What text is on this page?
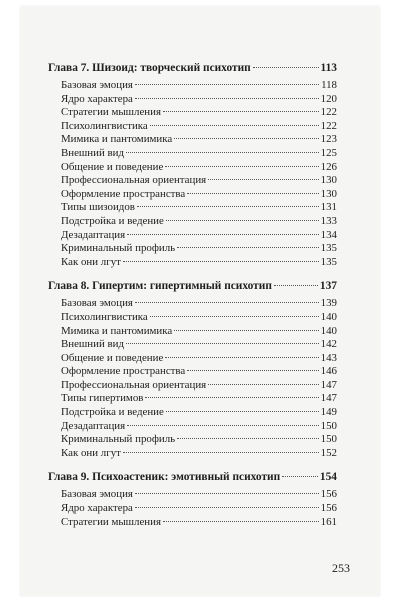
Глава 7. Шизоид: творческий психотип	113
Базовая эмоция	118
Ядро характера	120
Стратегии мышления	122
Психолингвистика	122
Мимика и пантомимика	123
Внешний вид	125
Общение и поведение	126
Профессиональная ориентация	130
Оформление пространства	130
Типы шизоидов	131
Подстройка и ведение	133
Дезадаптация	134
Криминальный профиль	135
Как они лгут	135
Глава 8. Гипертим: гипертимный психотип	137
Базовая эмоция	139
Психолингвистика	140
Мимика и пантомимика	140
Внешний вид	142
Общение и поведение	143
Оформление пространства	146
Профессиональная ориентация	147
Типы гипертимов	147
Подстройка и ведение	149
Дезадаптация	150
Криминальный профиль	150
Как они лгут	152
Глава 9. Психоастеник: эмотивный психотип	154
Базовая эмоция	156
Ядро характера	156
Стратегии мышления	161
253
